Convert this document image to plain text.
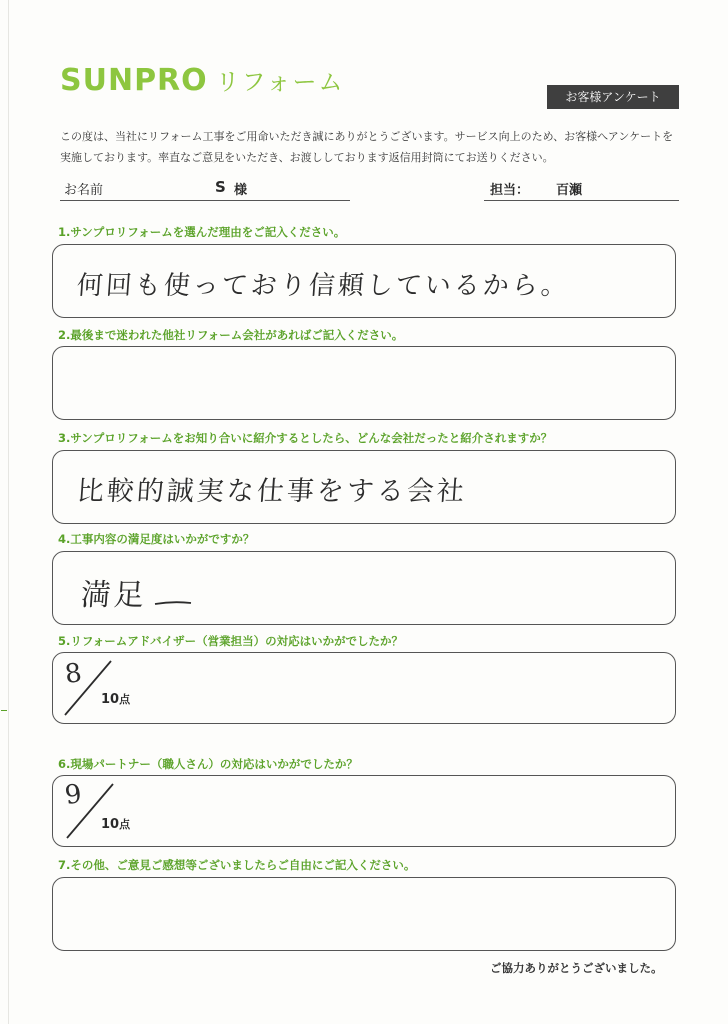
SUNPRO リフォーム
お客様アンケート
この度は、当社にリフォーム工事をご用命いただき誠にありがとうございます。サービス向上のため、お客様へアンケートを実施しております。率直なご意見をいただき、お渡ししております返信用封筒にてお送りください。
お名前	S 様	担当： 百瀬
1.サンプロリフォームを選んだ理由をご記入ください。
何回も使っており信頼しているから。
2.最後まで迷われた他社リフォーム会社があればご記入ください。
3.サンプロリフォームをお知り合いに紹介するとしたら、どんな会社だったと紹介されますか？
比較的誠実な仕事をする会社
4.工事内容の満足度はいかがですか？
満足
5.リフォームアドバイザー（営業担当）の対応はいかがでしたか？
8
10点
6.現場パートナー（職人さん）の対応はいかがでしたか？
9
10点
7.その他、ご意見ご感想等ございましたらご自由にご記入ください。
ご協力ありがとうございました。
